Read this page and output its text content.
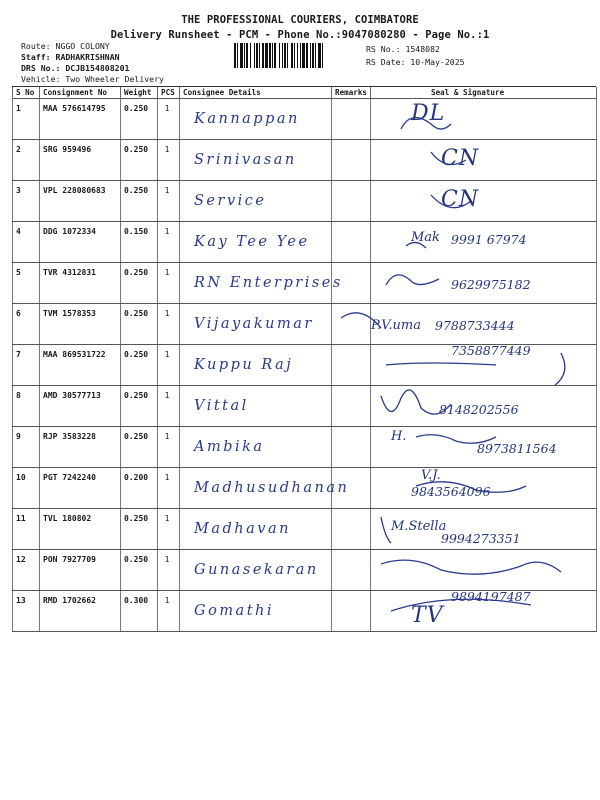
THE PROFESSIONAL COURIERS, COIMBATORE
Delivery Runsheet - PCM - Phone No.:9047080280 - Page No.:1
Route: NGGO COLONY
Staff: RADHAKRISHNAN
DRS No.: DCJB154808201
Vehicle: Two Wheeler Delivery
RS No.: 1548082
RS Date: 10-May-2025
S No	Consignment No	Weight	PCS	Consignee Details	Remarks	Seal & Signature
1	MAA 576614795	0.250	1	Kannappan		DL

2	SRG 959496	0.250	1	Srinivasan		CN

3	VPL 228080683	0.250	1	Service		CN

4	DDG 1072334	0.150	1	Kay Tee Yee		Mak 9991 67974

5	TVR 4312831	0.250	1	RN Enterprises		9629975182

6	TVM 1578353	0.250	1	Vijayakumar		P.V.uma 9788733444

7	MAA 869531722	0.250	1	Kuppu Raj		7358877449

8	AMD 30577713	0.250	1	Vittal		8148202556

9	RJP 3583228	0.250	1	Ambika		H.
8973811564

10	PGT 7242240	0.200	1	Madhusudhanan		V.J.
9843564096

11	TVL 180802	0.250	1	Madhavan		M.Stella
9994273351

12	PON 7927709	0.250	1	Gunasekaran

13	RMD 1702662	0.300	1	Gomathi		TV
9894197487
